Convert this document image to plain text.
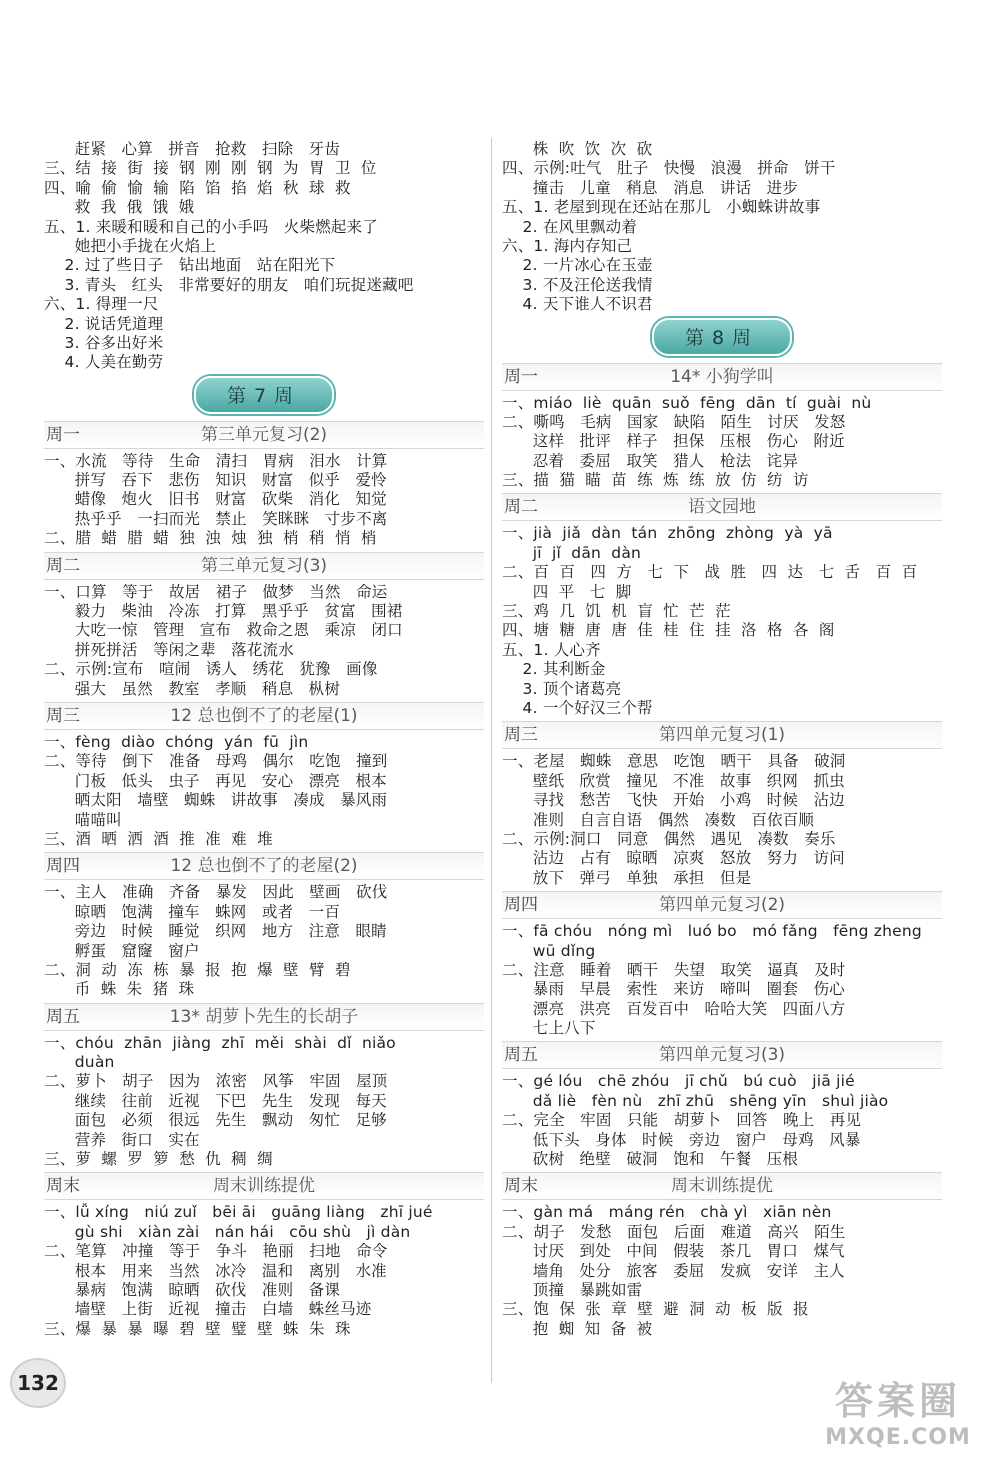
赶紧   心算   拼音   抢救   扫除   牙齿
三、结  接  街  接  钢  刚  刚  钢  为  胃  卫  位
四、喻  偷  愉  输  陷  馅  掐  焰  秋  球  救
救  我  俄  饿  娥
五、1. 来暖和暖和自己的小手吗   火柴燃起来了
她把小手拢在火焰上
2. 过了些日子   钻出地面   站在阳光下
3. 青头   红头   非常要好的朋友   咱们玩捉迷藏吧
六、1. 得理一尺
2. 说话凭道理
3. 谷多出好米
4. 人美在勤劳
第7周
第三单元复习(2)
周一
一、水流   等待   生命   清扫   胃病   泪水   计算
拼写   吞下   悲伤   知识   财富   似乎   爱怜
蜡像   炮火   旧书   财富   砍柴   消化   知觉
热乎乎   一扫而光   禁止   笑眯眯   寸步不离
二、腊  蜡  腊  蜡  独  浊  烛  独  梢  稍  悄  梢
第三单元复习(3)
周二
一、口算   等于   故居   裙子   做梦   当然   命运
毅力   柴油   冷冻   打算   黑乎乎   贫富   围裙
大吃一惊   管理   宣布   救命之恩   乘凉   闭口
拼死拼活   等闲之辈   落花流水
二、示例:宣布   喧闹   诱人   绣花   犹豫   画像
强大   虽然   教室   孝顺   稍息   枞树
12 总也倒不了的老屋(1)
周三
一、fèng  diào  chóng  yán  fū  jìn
二、等待   倒下   准备   母鸡   偶尔   吃饱   撞到
门板   低头   虫子   再见   安心   漂亮   根本
晒太阳   墙壁   蜘蛛   讲故事   凑成   暴风雨
喵喵叫
三、酒  晒  洒  酒  推  准  难  堆
12 总也倒不了的老屋(2)
周四
一、主人   准确   齐备   暴发   因此   壁画   砍伐
晾晒   饱满   撞车   蛛网   或者   一百
旁边   时候   睡觉   织网   地方   注意   眼睛
孵蛋   窟窿   窗户
二、洞  动  冻  栋  暴  报  抱  爆  壁  臂  碧
币  蛛  朱  猪  珠
13* 胡萝卜先生的长胡子
周五
一、chóu  zhān  jiàng  zhī  měi  shài  dǐ  niǎo
duàn
二、萝卜   胡子   因为   浓密   风筝   牢固   屋顶
继续   往前   近视   下巴   先生   发现   每天
面包   必须   很远   先生   飘动   匆忙   足够
营养   街口   实在
三、萝  螺  罗  箩  愁  仇  稠  绸
周末训练提优
周末
一、lǚ xíng   niú zuǐ   bēi āi   guāng liàng   zhī jué
gù shi   xiàn zài   nán hái   cōu shù   jì dàn
二、笔算   冲撞   等于   争斗   艳丽   扫地   命令
根本   用来   当然   冰冷   温和   离别   水准
暴病   饱满   晾晒   砍伐   准则   备课
墙壁   上街   近视   撞击   白墙   蛛丝马迹
三、爆  暴  暴  曝  碧  壁  璧  壁  蛛  朱  珠
株  吹  饮  次  砍
四、示例:吐气   肚子   快慢   浪漫   拼命   饼干
撞击   儿童   稍息   消息   讲话   进步
五、1. 老屋到现在还站在那儿   小蜘蛛讲故事
2. 在风里飘动着
六、1. 海内存知己
2. 一片冰心在玉壶
3. 不及汪伦送我情
4. 天下谁人不识君
第8周
14* 小狗学叫
周一
一、miáo  liè  quān  suǒ  fēng  dān  tí  guài  nù
二、嘶鸣   毛病   国家   缺陷   陌生   讨厌   发怒
这样   批评   样子   担保   压根   伤心   附近
忍着   委屈   取笑   猎人   枪法   诧异
三、描  猫  瞄  苗  练  炼  练  放  仿  纺  访
语文园地
周二
一、jià  jiǎ  dàn  tán  zhōng  zhòng  yà  yā
jī  jǐ  dān  dàn
二、百  百   四  方   七  下   战  胜   四  达   七  舌   百  百
四  平   七  脚
三、鸡  几  饥  机  盲  忙  芒  茫
四、塘  糖  唐  唐  佳  桂  住  挂  洛  格  各  阁
五、1. 人心齐
2. 其利断金
3. 顶个诸葛亮
4. 一个好汉三个帮
第四单元复习(1)
周三
一、老屋   蜘蛛   意思   吃饱   晒干   具备   破洞
壁纸   欣赏   撞见   不准   故事   织网   抓虫
寻找   愁苦   飞快   开始   小鸡   时候   沾边
准则   自言自语   偶然   凑数   百依百顺
二、示例:洞口   同意   偶然   遇见   凑数   奏乐
沾边   占有   晾晒   凉爽   怒放   努力   访问
放下   弹弓   单独   承担   但是
第四单元复习(2)
周四
一、fā chóu   nóng mì   luó bo   mó fǎng   fēng zheng
wū dǐng
二、注意   睡着   晒干   失望   取笑   逼真   及时
暴雨   早晨   索性   来访   啼叫   圈套   伤心
漂亮   洪亮   百发百中   哈哈大笑   四面八方
七上八下
第四单元复习(3)
周五
一、gé lóu   chē zhóu   jī chǔ   bú cuò   jiā jié
dǎ liè   fèn nù   zhī zhū   shēng yīn   shuì jiào
二、完全   牢固   只能   胡萝卜   回答   晚上   再见
低下头   身体   时候   旁边   窗户   母鸡   风暴
砍树   绝壁   破洞   饱和   午餐   压根
周末训练提优
周末
一、gàn má   máng rén   chà yì   xiān nèn
二、胡子   发愁   面包   后面   难道   高兴   陌生
讨厌   到处   中间   假装   茶几   胃口   煤气
墙角   处分   旅客   委屈   发疯   安详   主人
顶撞   暴跳如雷
三、饱  保  张  章  壁  避  洞  动  板  版  报
抱  蜘  知  备  被
132	答案圈
MXQE.COM
